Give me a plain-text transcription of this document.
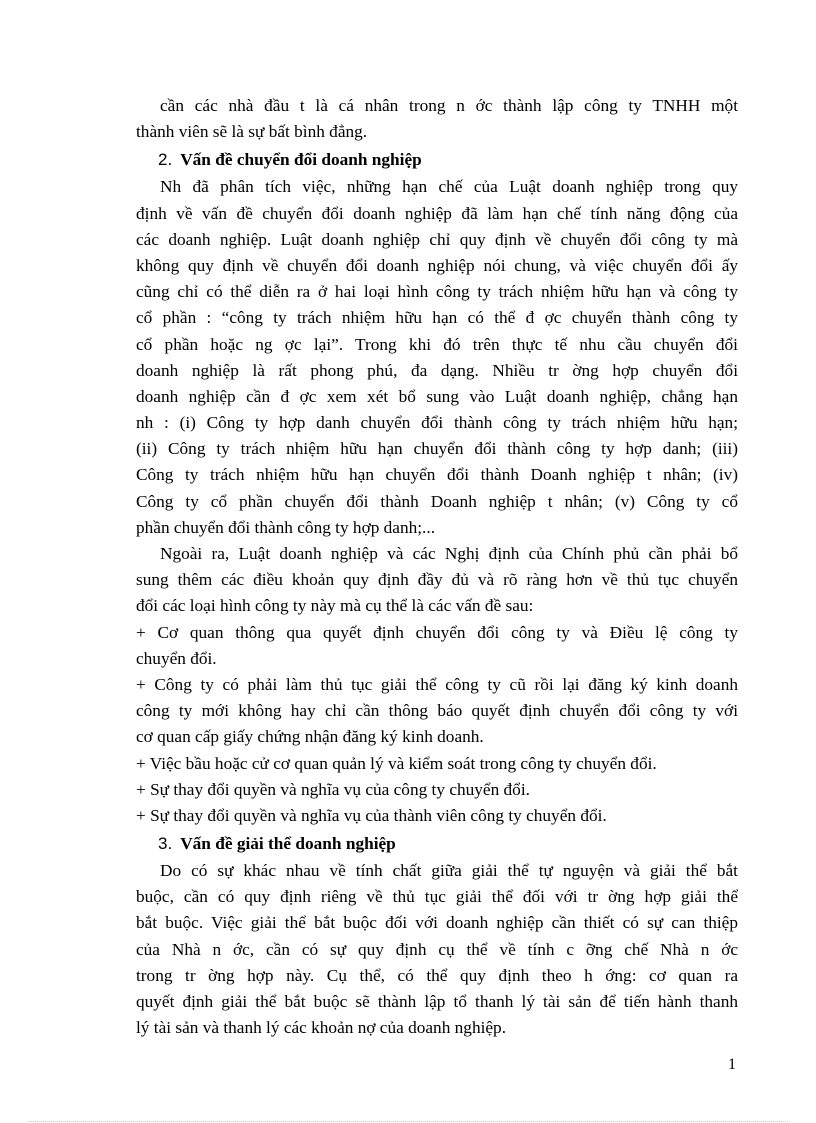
cần các nhà đầu t là cá nhân trong n ớc thành lập công ty TNHH một
thành viên sẽ là sự bất bình đẳng.
2. Vấn đề chuyển đổi doanh nghiệp
Nh đã phân tích việc, những hạn chế của Luật doanh nghiệp trong quy
định về vấn đề chuyển đổi doanh nghiệp đã làm hạn chế tính năng động của
các doanh nghiệp. Luật doanh nghiệp chỉ quy định về chuyển đổi công ty mà
không quy định về chuyển đổi doanh nghiệp nói chung, và việc chuyển đổi ấy
cũng chỉ có thể diễn ra ở hai loại hình công ty trách nhiệm hữu hạn và công ty
cổ phần : “công ty trách nhiệm hữu hạn có thể đ ợc chuyển thành công ty
cổ phần hoặc ng ợc lại”. Trong khi đó trên thực tế nhu cầu chuyển đổi
doanh nghiệp là rất phong phú, đa dạng. Nhiều tr ờng hợp chuyển đổi
doanh nghiệp cần đ ợc xem xét bổ sung vào Luật doanh nghiệp, chẳng hạn
nh : (i) Công ty hợp danh chuyển đổi thành công ty trách nhiệm hữu hạn;
(ii) Công ty trách nhiệm hữu hạn chuyển đổi thành công ty hợp danh; (iii)
Công ty trách nhiệm hữu hạn chuyển đổi thành Doanh nghiệp t nhân; (iv)
Công ty cổ phần chuyển đổi thành Doanh nghiệp t nhân; (v) Công ty cổ
phần chuyển đổi thành công ty hợp danh;...
Ngoài ra, Luật doanh nghiệp và các Nghị định của Chính phủ cần phải bổ
sung thêm các điều khoản quy định đầy đủ và rõ ràng hơn về thủ tục chuyển
đổi các loại hình công ty này mà cụ thể là các vấn đề sau:
+ Cơ quan thông qua quyết định chuyển đổi công ty và Điều lệ công ty
chuyển đổi.
+ Công ty có phải làm thủ tục giải thể công ty cũ rồi lại đăng ký kinh doanh
công ty mới không hay chỉ cần thông báo quyết định chuyển đổi công ty với
cơ quan cấp giấy chứng nhận đăng ký kinh doanh.
+ Việc bầu hoặc cử cơ quan quản lý và kiểm soát trong công ty chuyển đổi.
+ Sự thay đổi quyền và nghĩa vụ của công ty chuyển đổi.
+ Sự thay đổi quyền và nghĩa vụ của thành viên công ty chuyển đổi.
3. Vấn đề giải thể doanh nghiệp
Do có sự khác nhau về tính chất giữa giải thể tự nguyện và giải thể bắt
buộc, cần có quy định riêng về thủ tục giải thể đối với tr ờng hợp giải thể
bắt buộc. Việc giải thể bắt buộc đối với doanh nghiệp cần thiết có sự can thiệp
của Nhà n ớc, cần có sự quy định cụ thể về tính c ỡng chế Nhà n ớc
trong tr ờng hợp này. Cụ thể, có thể quy định theo h ớng: cơ quan ra
quyết định giải thể bắt buộc sẽ thành lập tổ thanh lý tài sản để tiến hành thanh
lý tài sản và thanh lý các khoản nợ của doanh nghiệp.
1
